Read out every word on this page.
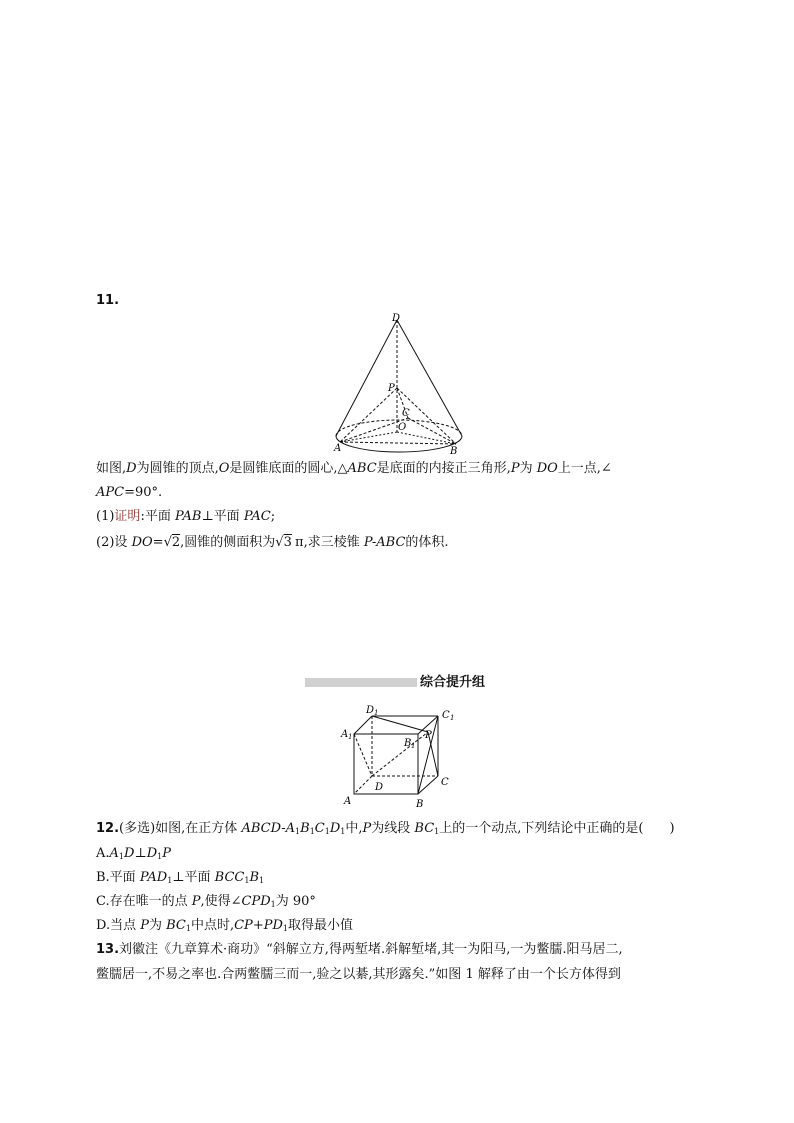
11.
D
P
C
O
A	B
如图,D为圆锥的顶点,O是圆锥底面的圆心,△ABC是底面的内接正三角形,P为 DO上一点,∠
APC=90°.
(1)证明:平面 PAB⊥平面 PAC;
(2)设 DO=√2,圆锥的侧面积为√3 π,求三棱锥 P-ABC的体积.
综合提升组
D 1	C 1
A 1
B 1
P
D	C
A	B
12.(多选)如图,在正方体 ABCD-$A_1B_1C_1D_1$中,P为线段 $BC_1$上的一个动点,下列结论中正确的是(　　)
$A.A_1D\perp D_1P$
B.平面 $PAD_1\perp$平面 $BCC_1B_1$
C.存在唯一的点 P,使得$\angle CPD_1$为 90°
D.当点 P为 $BC_1$中点时$,CP+PD_1$取得最小值
13.刘徽注《九章算术·商功》“斜解立方,得两堑堵.斜解堑堵,其一为阳马,一为鳖臑.阳马居二,
鳖臑居一,不易之率也.合两鳖臑三而一,验之以綦,其形露矣.”如图 1 解释了由一个长方体得到
